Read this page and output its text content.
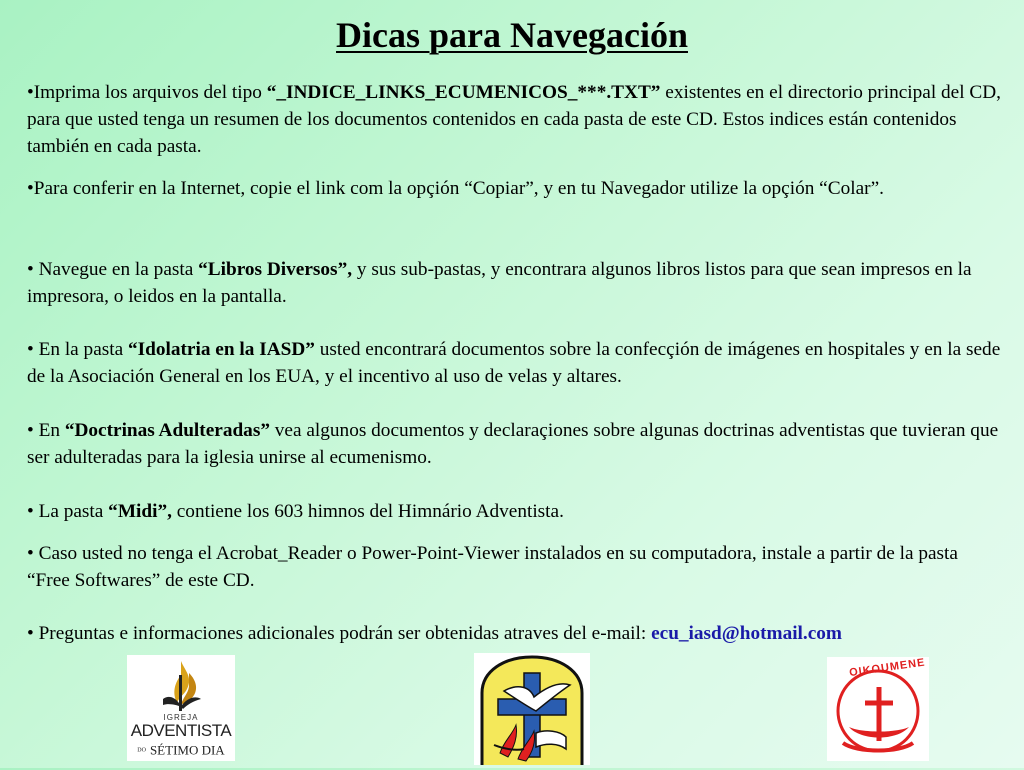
Dicas para Navegación

•Imprima los arquivos del tipo “_INDICE_LINKS_ECUMENICOS_***.TXT” existentes en el directorio principal del CD, para que usted tenga un resumen de los documentos contenidos en cada pasta de este CD. Estos indices están contenidos también en cada pasta.

•Para conferir en la Internet, copie el link com la opçión “Copiar”, y en tu Navegador utilize la opçión “Colar”.

• Navegue en la pasta “Libros Diversos”, y sus sub-pastas, y encontrara algunos libros listos para que sean impresos en la impresora, o leidos en la pantalla.

• En la pasta “Idolatria en la IASD” usted encontrará documentos sobre la confecçión de imágenes en hospitales y en la sede de la Asociación General en los EUA, y el incentivo al uso de velas y altares.

• En “Doctrinas Adulteradas” vea algunos documentos y declaraçiones sobre algunas doctrinas adventistas que tuvieran que ser adulteradas para la iglesia unirse al ecumenismo.

• La pasta “Midi”, contiene los 603 himnos del Himnário Adventista.

• Caso usted no tenga el Acrobat_Reader o Power-Point-Viewer instalados en su computadora, instale a partir de la pasta “Free Softwares” de este CD.

• Preguntas e informaciones adicionales podrán ser obtenidas atraves del e-mail: ecu_iasd@hotmail.com

IGREJA
ADVENTISTA
DO SÉTIMO DIA
OIKOUMENE
